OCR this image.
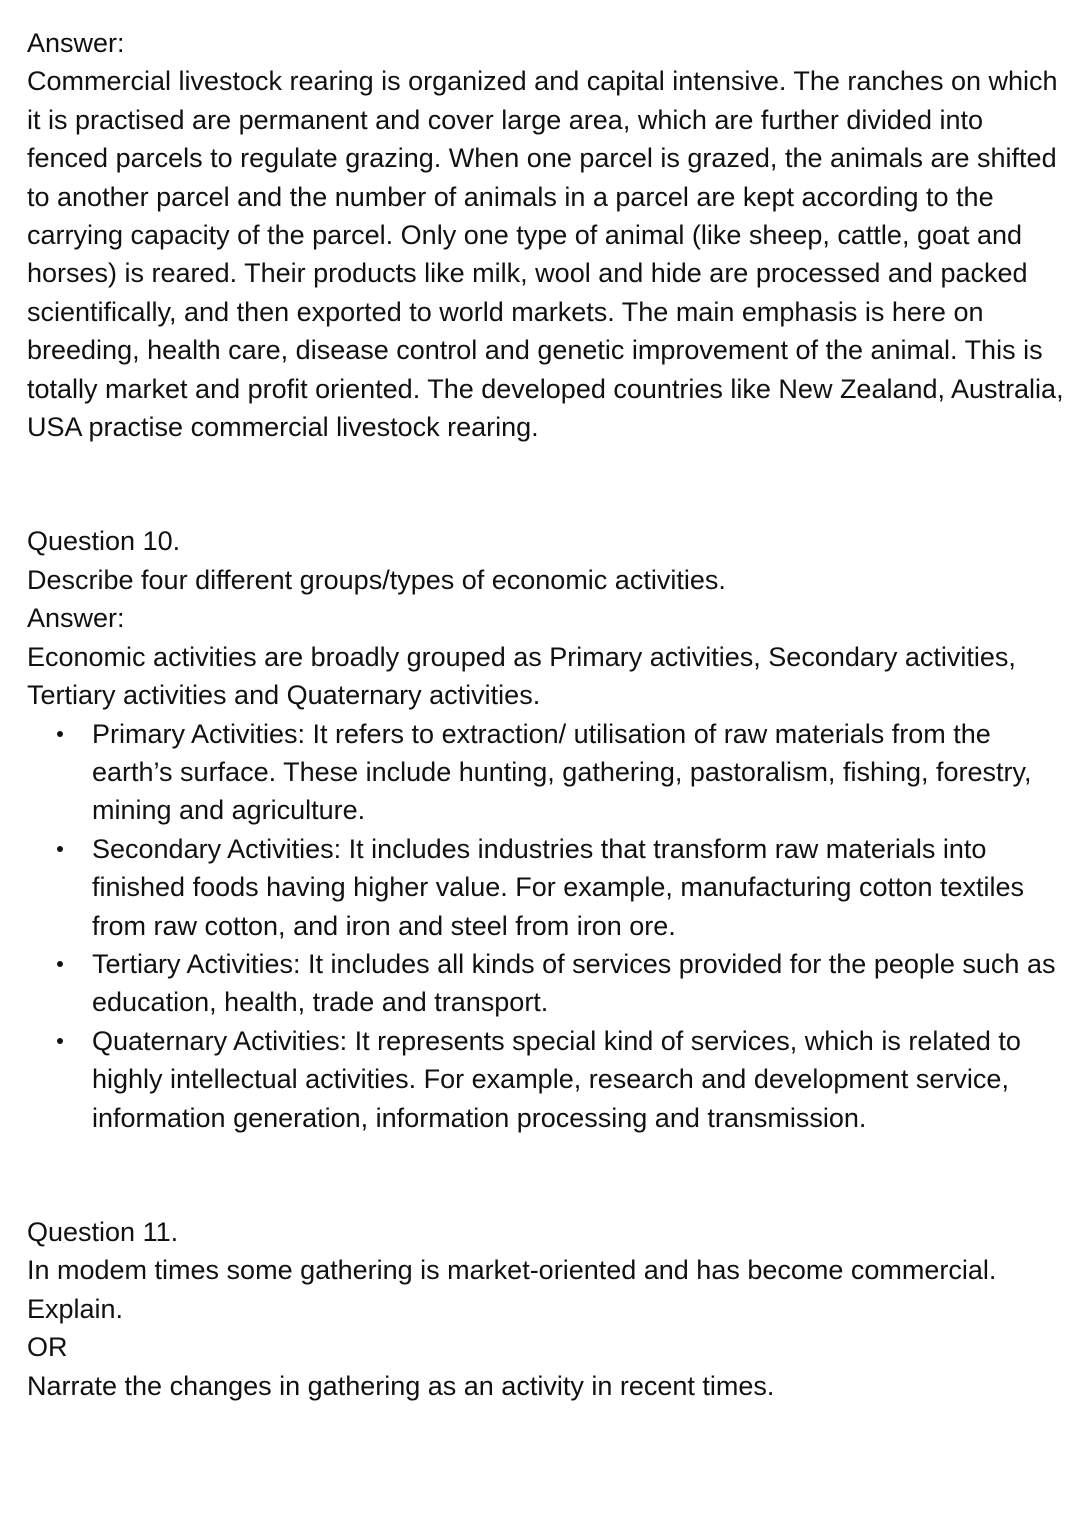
Answer:

Commercial livestock rearing is organized and capital intensive. The ranches on which it is practised are permanent and cover large area, which are further divided into fenced parcels to regulate grazing. When one parcel is grazed, the animals are shifted to another parcel and the number of animals in a parcel are kept according to the carrying capacity of the parcel. Only one type of animal (like sheep, cattle, goat and horses) is reared. Their products like milk, wool and hide are processed and packed scientifically, and then exported to world markets. The main emphasis is here on breeding, health care, disease control and genetic improvement of the animal. This is totally market and profit oriented. The developed countries like New Zealand, Australia, USA practise commercial livestock rearing.

Question 10.

Describe four different groups/types of economic activities.

Answer:

Economic activities are broadly grouped as Primary activities, Secondary activities, Tertiary activities and Quaternary activities.

Primary Activities: It refers to extraction/ utilisation of raw materials from the earth’s surface. These include hunting, gathering, pastoralism, fishing, forestry, mining and agriculture.
Secondary Activities: It includes industries that transform raw materials into finished foods having higher value. For example, manufacturing cotton textiles from raw cotton, and iron and steel from iron ore.
Tertiary Activities: It includes all kinds of services provided for the people such as education, health, trade and transport.
Quaternary Activities: It represents special kind of services, which is related to highly intellectual activities. For example, research and development service, information generation, information processing and transmission.

Question 11.

In modem times some gathering is market-oriented and has become commercial. Explain.

OR

Narrate the changes in gathering as an activity in recent times.
